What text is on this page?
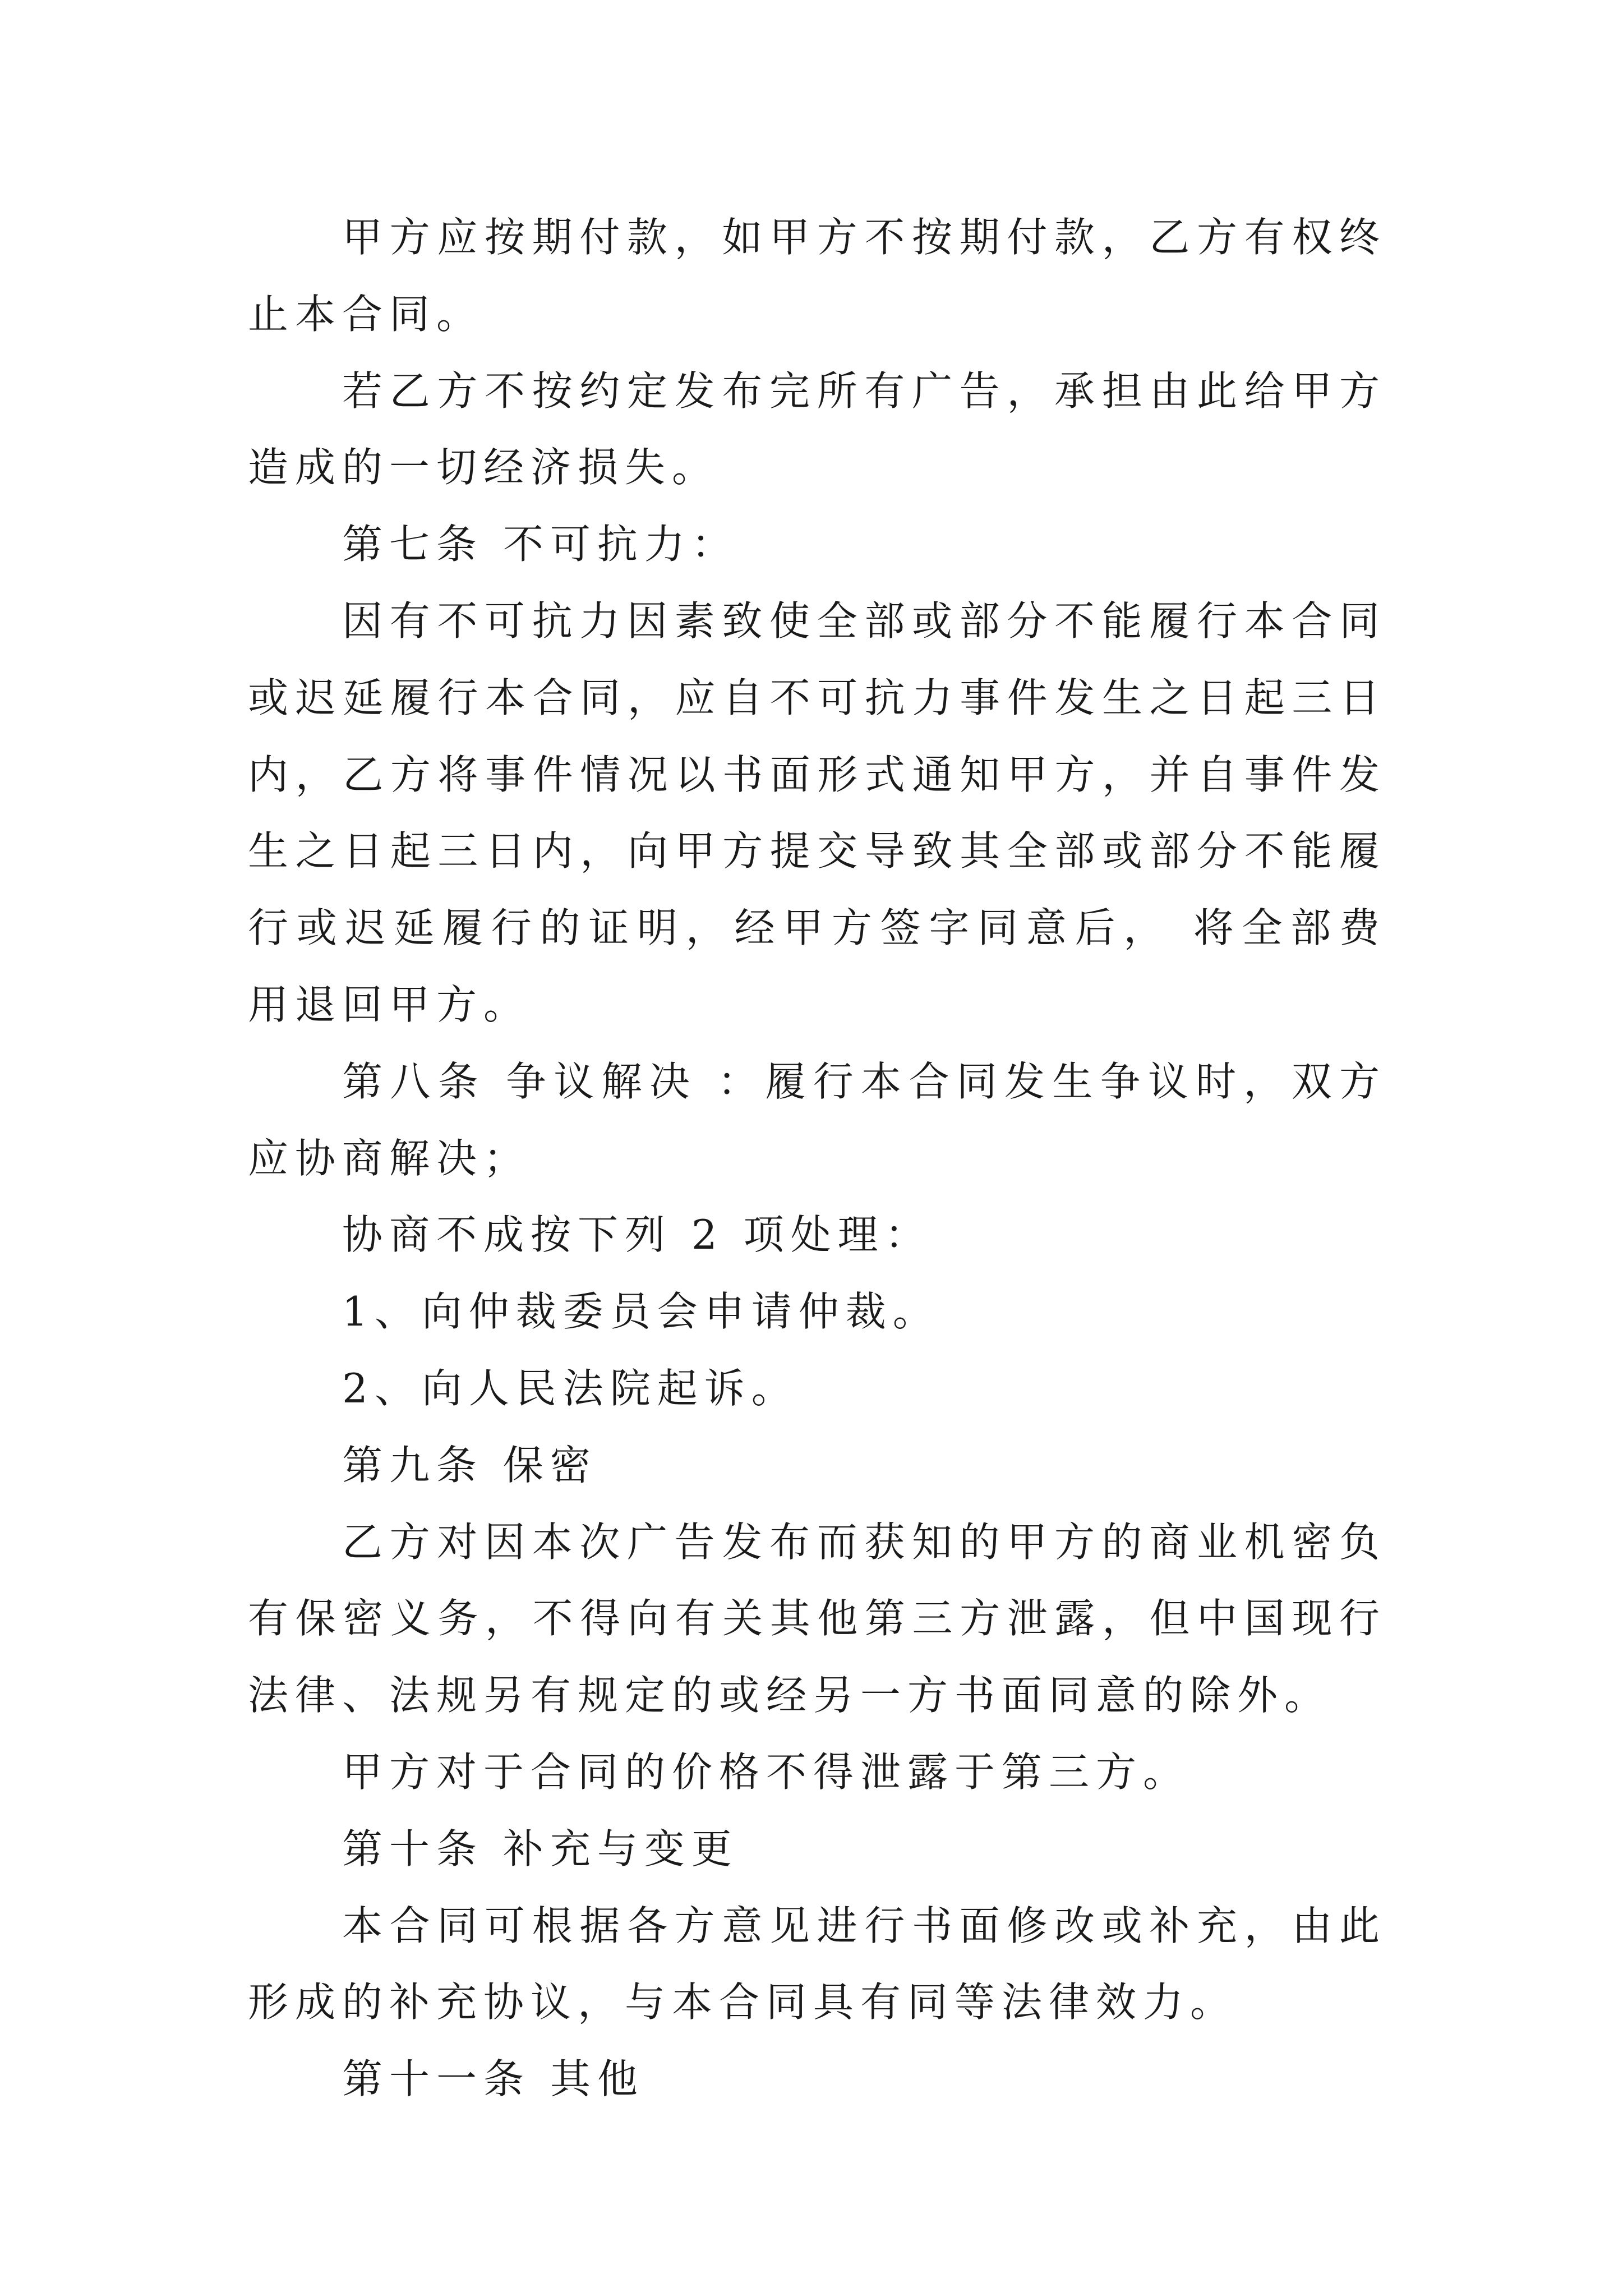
甲方应按期付款，如甲方不按期付款，乙方有权终止本合同。

若乙方不按约定发布完所有广告，承担由此给甲方造成的一切经济损失。

第七条 不可抗力：

因有不可抗力因素致使全部或部分不能履行本合同或迟延履行本合同，应自不可抗力事件发生之日起三日内，乙方将事件情况以书面形式通知甲方，并自事件发生之日起三日内，向甲方提交导致其全部或部分不能履行或迟延履行的证明，经甲方签字同意后， 将全部费用退回甲方。

第八条 争议解决 ：履行本合同发生争议时，双方应协商解决；

协商不成按下列 2 项处理：

1、向仲裁委员会申请仲裁。

2、向人民法院起诉。

第九条 保密

乙方对因本次广告发布而获知的甲方的商业机密负有保密义务，不得向有关其他第三方泄露，但中国现行法律、法规另有规定的或经另一方书面同意的除外。

甲方对于合同的价格不得泄露于第三方。

第十条 补充与变更

本合同可根据各方意见进行书面修改或补充，由此形成的补充协议，与本合同具有同等法律效力。

第十一条 其他
